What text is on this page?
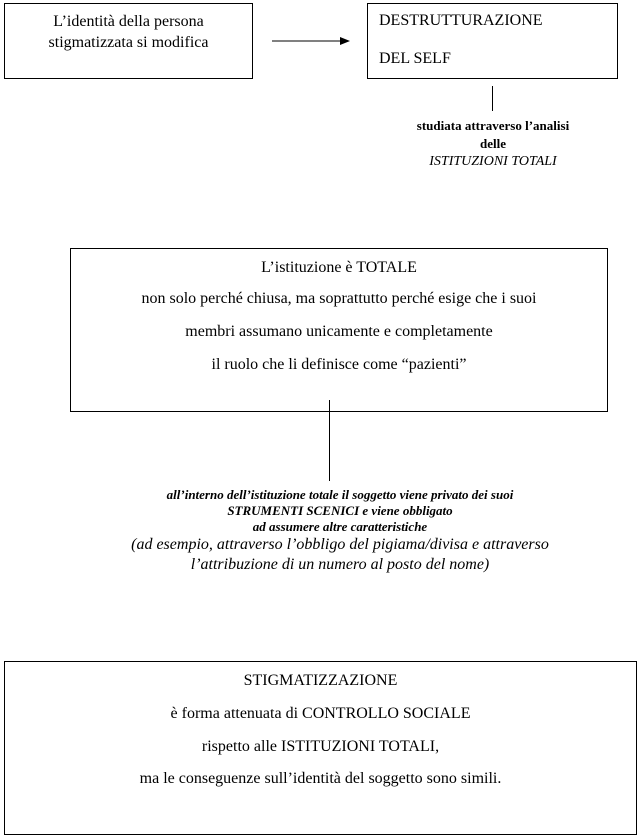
L’identità della persona
stigmatizzata si modifica
DESTRUTTURAZIONE
DEL SELF
studiata attraverso l’analisi
delle
ISTITUZIONI TOTALI
L’istituzione è TOTALE
non solo perché chiusa, ma soprattutto perché esige che i suoi
membri assumano unicamente e completamente
il ruolo che li definisce come “pazienti”
all’interno dell’istituzione totale il soggetto viene privato dei suoi
STRUMENTI SCENICI e viene obbligato
ad assumere altre caratteristiche
(ad esempio, attraverso l’obbligo del pigiama/divisa e attraverso
l’attribuzione di un numero al posto del nome)
STIGMATIZZAZIONE
è forma attenuata di CONTROLLO SOCIALE
rispetto alle ISTITUZIONI TOTALI,
ma le conseguenze sull’identità del soggetto sono simili.
